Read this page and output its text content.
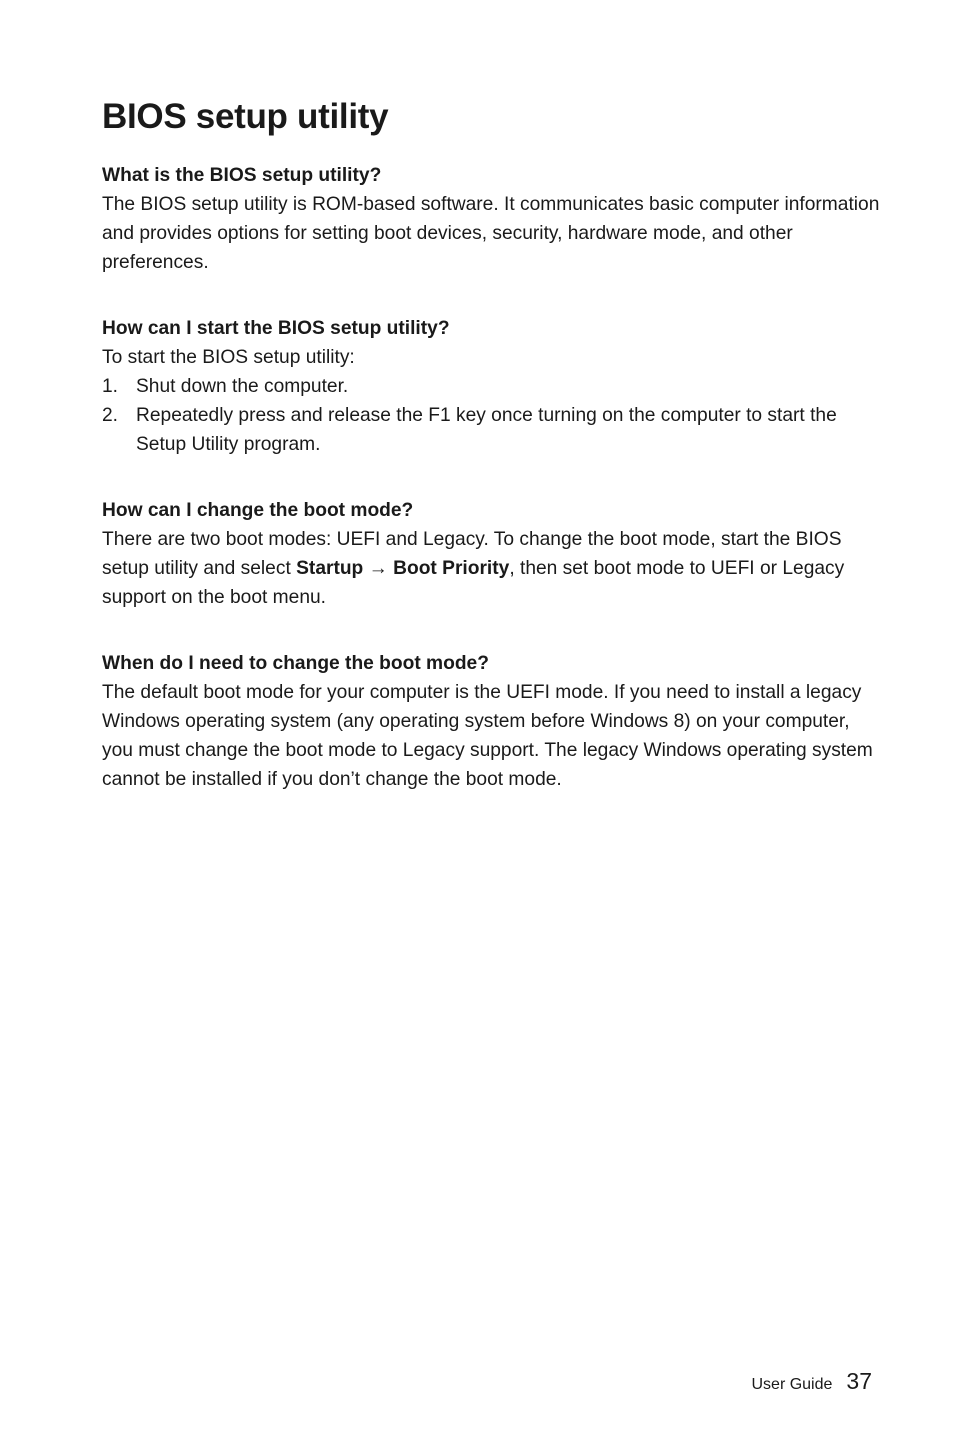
BIOS setup utility

What is the BIOS setup utility?

The BIOS setup utility is ROM-based software. It communicates basic computer information and provides options for setting boot devices, security, hardware mode, and other preferences.

How can I start the BIOS setup utility?

To start the BIOS setup utility:

1. Shut down the computer.
2. Repeatedly press and release the F1 key once turning on the computer to start the Setup Utility program.

How can I change the boot mode?

There are two boot modes: UEFI and Legacy. To change the boot mode, start the BIOS setup utility and select Startup → Boot Priority, then set boot mode to UEFI or Legacy support on the boot menu.

When do I need to change the boot mode?

The default boot mode for your computer is the UEFI mode. If you need to install a legacy Windows operating system (any operating system before Windows 8) on your computer, you must change the boot mode to Legacy support. The legacy Windows operating system cannot be installed if you don’t change the boot mode.

User Guide 37
